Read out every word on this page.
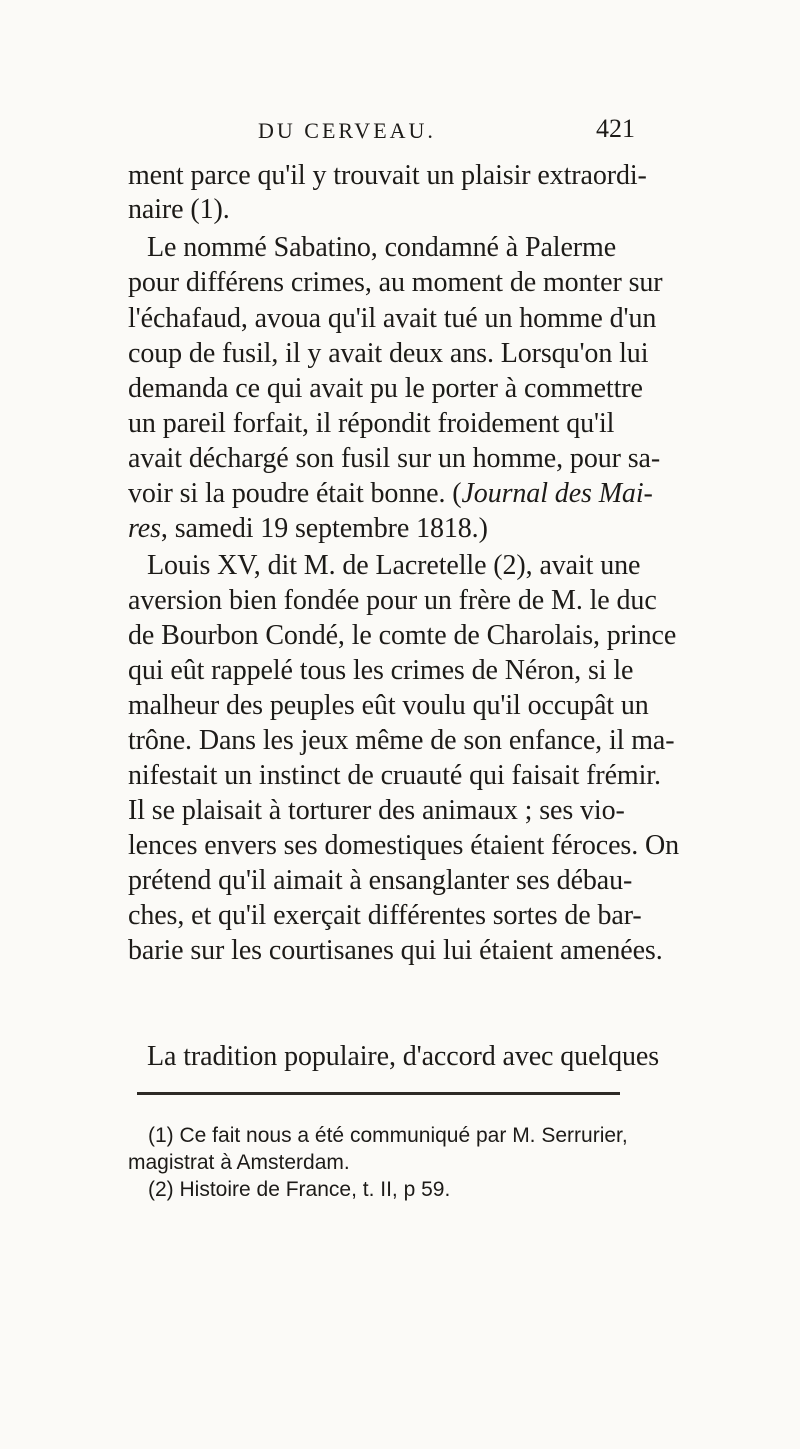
DU CERVEAU.	421
ment parce qu'il y trouvait un plaisir extraordi-
naire (1).
Le nommé Sabatino, condamné à Palerme
pour différens crimes, au moment de monter sur
l'échafaud, avoua qu'il avait tué un homme d'un
coup de fusil, il y avait deux ans. Lorsqu'on lui
demanda ce qui avait pu le porter à commettre
un pareil forfait, il répondit froidement qu'il
avait déchargé son fusil sur un homme, pour sa-
voir si la poudre était bonne. (Journal des Mai-
res, samedi 19 septembre 1818.)
Louis XV, dit M. de Lacretelle (2), avait une
aversion bien fondée pour un frère de M. le duc
de Bourbon Condé, le comte de Charolais, prince
qui eût rappelé tous les crimes de Néron, si le
malheur des peuples eût voulu qu'il occupât un
trône. Dans les jeux même de son enfance, il ma-
nifestait un instinct de cruauté qui faisait frémir.
Il se plaisait à torturer des animaux ; ses vio-
lences envers ses domestiques étaient féroces. On
prétend qu'il aimait à ensanglanter ses débau-
ches, et qu'il exerçait différentes sortes de bar-
barie sur les courtisanes qui lui étaient amenées.
La tradition populaire, d'accord avec quelques
(1) Ce fait nous a été communiqué par M. Serrurier,
magistrat à Amsterdam.
(2) Histoire de France, t. II, p 59.
